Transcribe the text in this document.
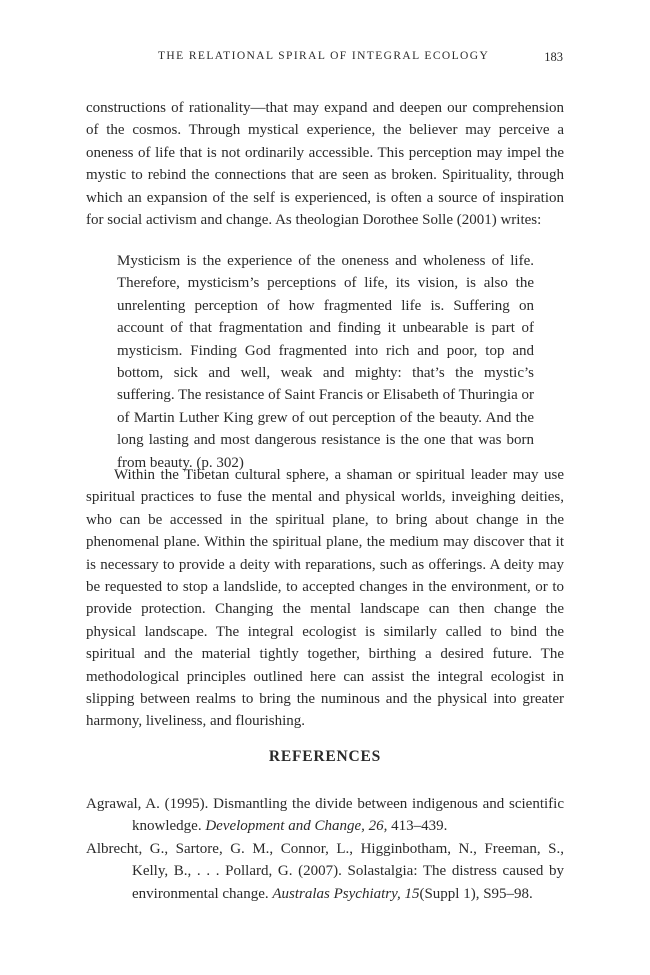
THE RELATIONAL SPIRAL OF INTEGRAL ECOLOGY	183

constructions of rationality—that may expand and deepen our comprehension of the cosmos. Through mystical experience, the believer may perceive a oneness of life that is not ordinarily accessible. This perception may impel the mystic to rebind the connections that are seen as broken. Spirituality, through which an expansion of the self is experienced, is often a source of inspiration for social activism and change. As theologian Dorothee Solle (2001) writes:

Mysticism is the experience of the oneness and wholeness of life. Therefore, mysticism’s perceptions of life, its vision, is also the unrelenting perception of how fragmented life is. Suffering on account of that fragmentation and finding it unbearable is part of mysticism. Finding God fragmented into rich and poor, top and bottom, sick and well, weak and mighty: that’s the mystic’s suffering. The resistance of Saint Francis or Elisabeth of Thuringia or of Martin Luther King grew of out perception of the beauty. And the long lasting and most dangerous resistance is the one that was born from beauty. (p. 302)

Within the Tibetan cultural sphere, a shaman or spiritual leader may use spiritual practices to fuse the mental and physical worlds, inveighing deities, who can be accessed in the spiritual plane, to bring about change in the phenomenal plane. Within the spiritual plane, the medium may discover that it is necessary to provide a deity with reparations, such as offerings. A deity may be requested to stop a landslide, to accepted changes in the environment, or to provide protection. Changing the mental landscape can then change the physical landscape. The integral ecologist is similarly called to bind the spiritual and the material tightly together, birthing a desired future. The methodological principles outlined here can assist the integral ecologist in slipping between realms to bring the numinous and the physical into greater harmony, liveliness, and flourishing.

REFERENCES

Agrawal, A. (1995). Dismantling the divide between indigenous and scientific knowledge. Development and Change, 26, 413–439.

Albrecht, G., Sartore, G. M., Connor, L., Higginbotham, N., Freeman, S., Kelly, B., . . . Pollard, G. (2007). Solastalgia: The distress caused by environmental change. Australas Psychiatry, 15(Suppl 1), S95–98.
